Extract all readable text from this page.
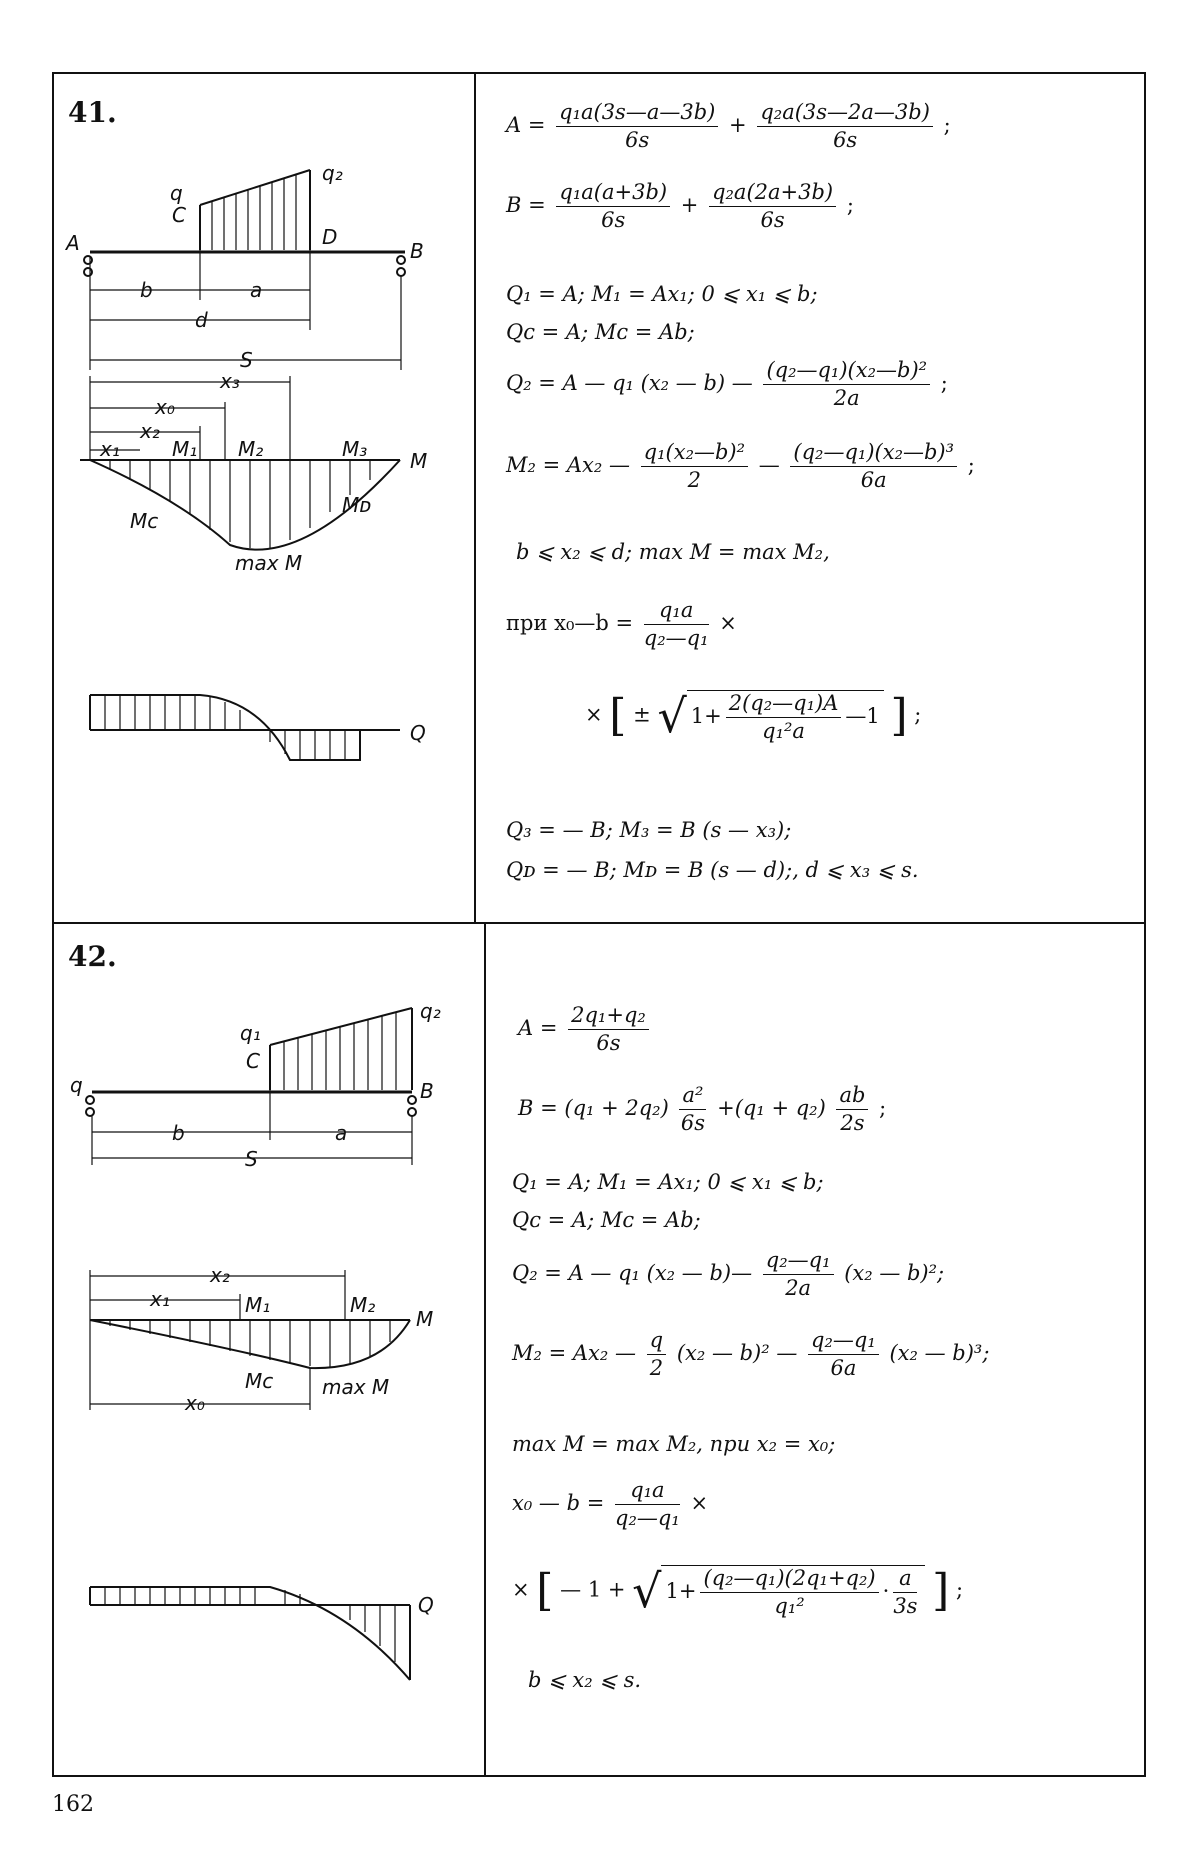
41.
42.
q
C
q₂
D
A	B
b	a
d
S
x₃
x₀
x₂
x₁	M₁ M₂	M₃ M
Mᴄ
Mᴅ
max M
Q
$A = \frac{\text{q₁a(3s—a—3b)}}{6s} + \frac{\text{q₂a(3s—2a—3b)}}{6s}$ ;
$B = \frac{\text{q₁a(a+3b)}}{6s} + \frac{\text{q₂a(2a+3b)}}{6s}$ ;
Q₁ = A; M₁ = Ax₁; 0 ⩽ x₁ ⩽ b;
Qᴄ = A; Mᴄ = Ab;
Q₂ = A — q₁ (x₂ — b) — $\frac{\text{(q₂—q₁)(x₂—b)²}}{2a}$ ;
M₂ = Ax₂ — $\frac{\text{q₁(x₂—b)²}}{2}$ — $\frac{\text{(q₂—q₁)(x₂—b)³}}{6a}$ ;
b ⩽ x₂ ⩽ d; max M = max M₂,
при x₀—b = $\frac{\text{q₁a}}{\text{q₂—q₁}}$ ×
× [ ± √ $1+ \frac{\text{2(q₂—q₁)A}}{\text{q₁²a}}$ —1 ] ;
Q₃ = — B; M₃ = B (s — x₃);
Qᴅ = — B; Mᴅ = B (s — d);, d ⩽ x₃ ⩽ s.
q₁
q₂
C
q	B
b	a
S
x₂
x₁	M₁	M₂
M
Mᴄ max M
x₀
Q
$A = \frac{\text{2q₁+q₂}}{6s}$
$B = (q_1 + 2q_2) \frac{\text{a²}}{6s} +(q_1 + q_2) \frac{ab}{2s}$ ;
Q₁ = A; M₁ = Ax₁; 0 ⩽ x₁ ⩽ b;
Qᴄ = A; Mᴄ = Ab;
Q₂ = A — q₁ (x₂ — b)— $\frac{\text{q₂—q₁}}{2a} (x_2$ — b)²;
M₂ = Ax₂ — $\frac{q}{2} (x_2$ — b)² — $\frac{\text{q₂—q₁}}{6a} (x_2$ — b)³;
max M = max M₂, при x₂ = x₀;
x₀ — $b = \frac{\text{q₁a}}{\text{q₂—q₁}}$ ×
× [ — 1 + √ $1+ \frac{\text{(q₂—q₁)(2q₁+q₂)}}{\text{q₁²}} \cdot \frac{a}{3s}$ ] ;
b ⩽ x₂ ⩽ s.
162
